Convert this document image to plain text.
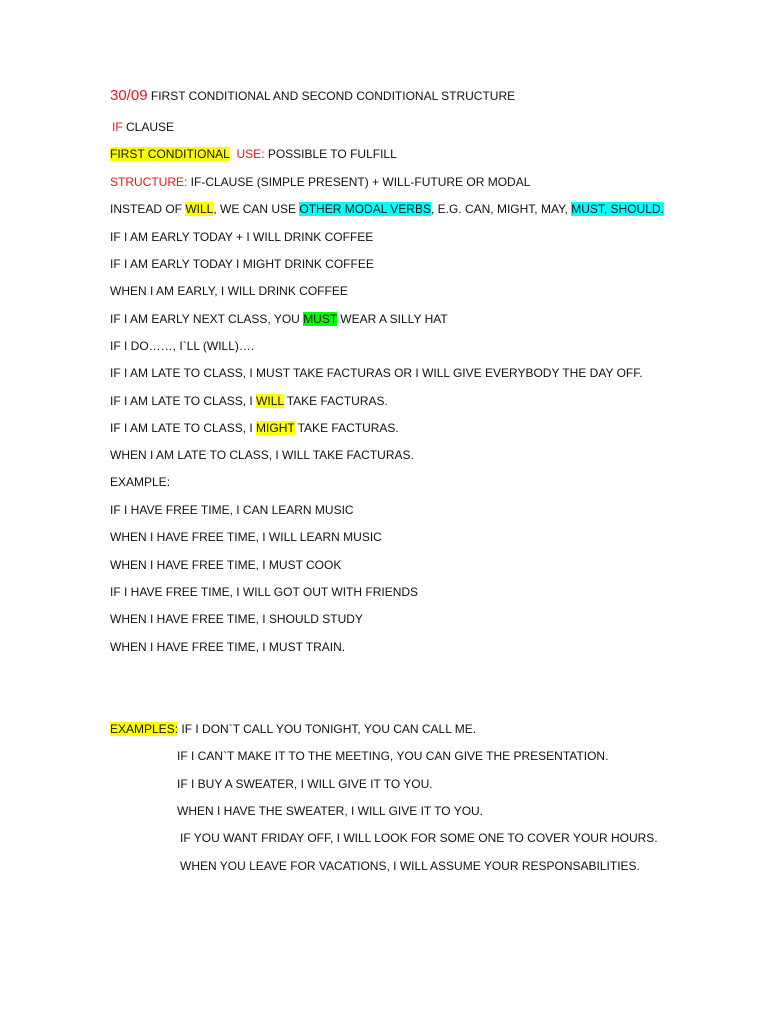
30/09 FIRST CONDITIONAL AND SECOND CONDITIONAL STRUCTURE
IF CLAUSE
FIRST CONDITIONAL USE: POSSIBLE TO FULFILL
STRUCTURE: IF-CLAUSE (SIMPLE PRESENT) + WILL-FUTURE OR MODAL
INSTEAD OF WILL, WE CAN USE OTHER MODAL VERBS, E.G. CAN, MIGHT, MAY, MUST, SHOULD.
IF I AM EARLY TODAY + I WILL DRINK COFFEE
IF I AM EARLY TODAY I MIGHT DRINK COFFEE
WHEN I AM EARLY, I WILL DRINK COFFEE
IF I AM EARLY NEXT CLASS, YOU MUST WEAR A SILLY HAT
IF I DO……, I`LL (WILL)….
IF I AM LATE TO CLASS, I MUST TAKE FACTURAS OR I WILL GIVE EVERYBODY THE DAY OFF.
IF I AM LATE TO CLASS, I WILL TAKE FACTURAS.
IF I AM LATE TO CLASS, I MIGHT TAKE FACTURAS.
WHEN I AM LATE TO CLASS, I WILL TAKE FACTURAS.
EXAMPLE:
IF I HAVE FREE TIME, I CAN LEARN MUSIC
WHEN I HAVE FREE TIME, I WILL LEARN MUSIC
WHEN I HAVE FREE TIME, I MUST COOK
IF I HAVE FREE TIME, I WILL GOT OUT WITH FRIENDS
WHEN I HAVE FREE TIME, I SHOULD STUDY
WHEN I HAVE FREE TIME, I MUST TRAIN.
EXAMPLES: IF I DON`T CALL YOU TONIGHT, YOU CAN CALL ME.
IF I CAN`T MAKE IT TO THE MEETING, YOU CAN GIVE THE PRESENTATION.
IF I BUY A SWEATER, I WILL GIVE IT TO YOU.
WHEN I HAVE THE SWEATER, I WILL GIVE IT TO YOU.
IF YOU WANT FRIDAY OFF, I WILL LOOK FOR SOME ONE TO COVER YOUR HOURS.
WHEN YOU LEAVE FOR VACATIONS, I WILL ASSUME YOUR RESPONSABILITIES.
